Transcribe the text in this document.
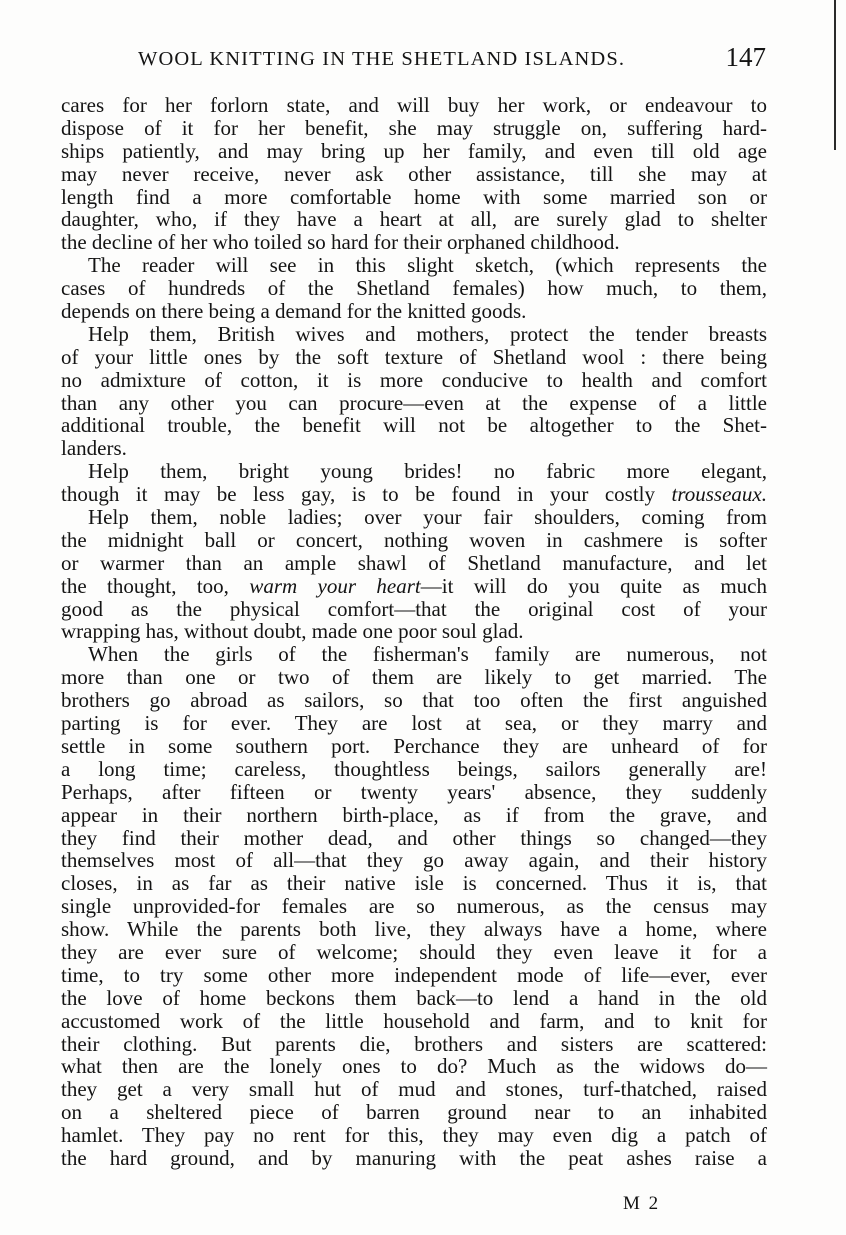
WOOL KNITTING IN THE SHETLAND ISLANDS.	147
cares for her forlorn state, and will buy her work, or endeavour to
dispose of it for her benefit, she may struggle on, suffering hard-
ships patiently, and may bring up her family, and even till old age
may never receive, never ask other assistance, till she may at
length find a more comfortable home with some married son or
daughter, who, if they have a heart at all, are surely glad to shelter
the decline of her who toiled so hard for their orphaned childhood.
The reader will see in this slight sketch, (which represents the
cases of hundreds of the Shetland females) how much, to them,
depends on there being a demand for the knitted goods.
Help them, British wives and mothers, protect the tender breasts
of your little ones by the soft texture of Shetland wool : there being
no admixture of cotton, it is more conducive to health and comfort
than any other you can procure—even at the expense of a little
additional trouble, the benefit will not be altogether to the Shet-
landers.
Help them, bright young brides! no fabric more elegant,
though it may be less gay, is to be found in your costly trousseaux.
Help them, noble ladies; over your fair shoulders, coming from
the midnight ball or concert, nothing woven in cashmere is softer
or warmer than an ample shawl of Shetland manufacture, and let
the thought, too, warm your heart—it will do you quite as much
good as the physical comfort—that the original cost of your
wrapping has, without doubt, made one poor soul glad.
When the girls of the fisherman's family are numerous, not
more than one or two of them are likely to get married. The
brothers go abroad as sailors, so that too often the first anguished
parting is for ever. They are lost at sea, or they marry and
settle in some southern port. Perchance they are unheard of for
a long time; careless, thoughtless beings, sailors generally are!
Perhaps, after fifteen or twenty years' absence, they suddenly
appear in their northern birth-place, as if from the grave, and
they find their mother dead, and other things so changed—they
themselves most of all—that they go away again, and their history
closes, in as far as their native isle is concerned. Thus it is, that
single unprovided-for females are so numerous, as the census may
show. While the parents both live, they always have a home, where
they are ever sure of welcome; should they even leave it for a
time, to try some other more independent mode of life—ever, ever
the love of home beckons them back—to lend a hand in the old
accustomed work of the little household and farm, and to knit for
their clothing. But parents die, brothers and sisters are scattered:
what then are the lonely ones to do? Much as the widows do—
they get a very small hut of mud and stones, turf-thatched, raised
on a sheltered piece of barren ground near to an inhabited
hamlet. They pay no rent for this, they may even dig a patch of
the hard ground, and by manuring with the peat ashes raise a
M 2
